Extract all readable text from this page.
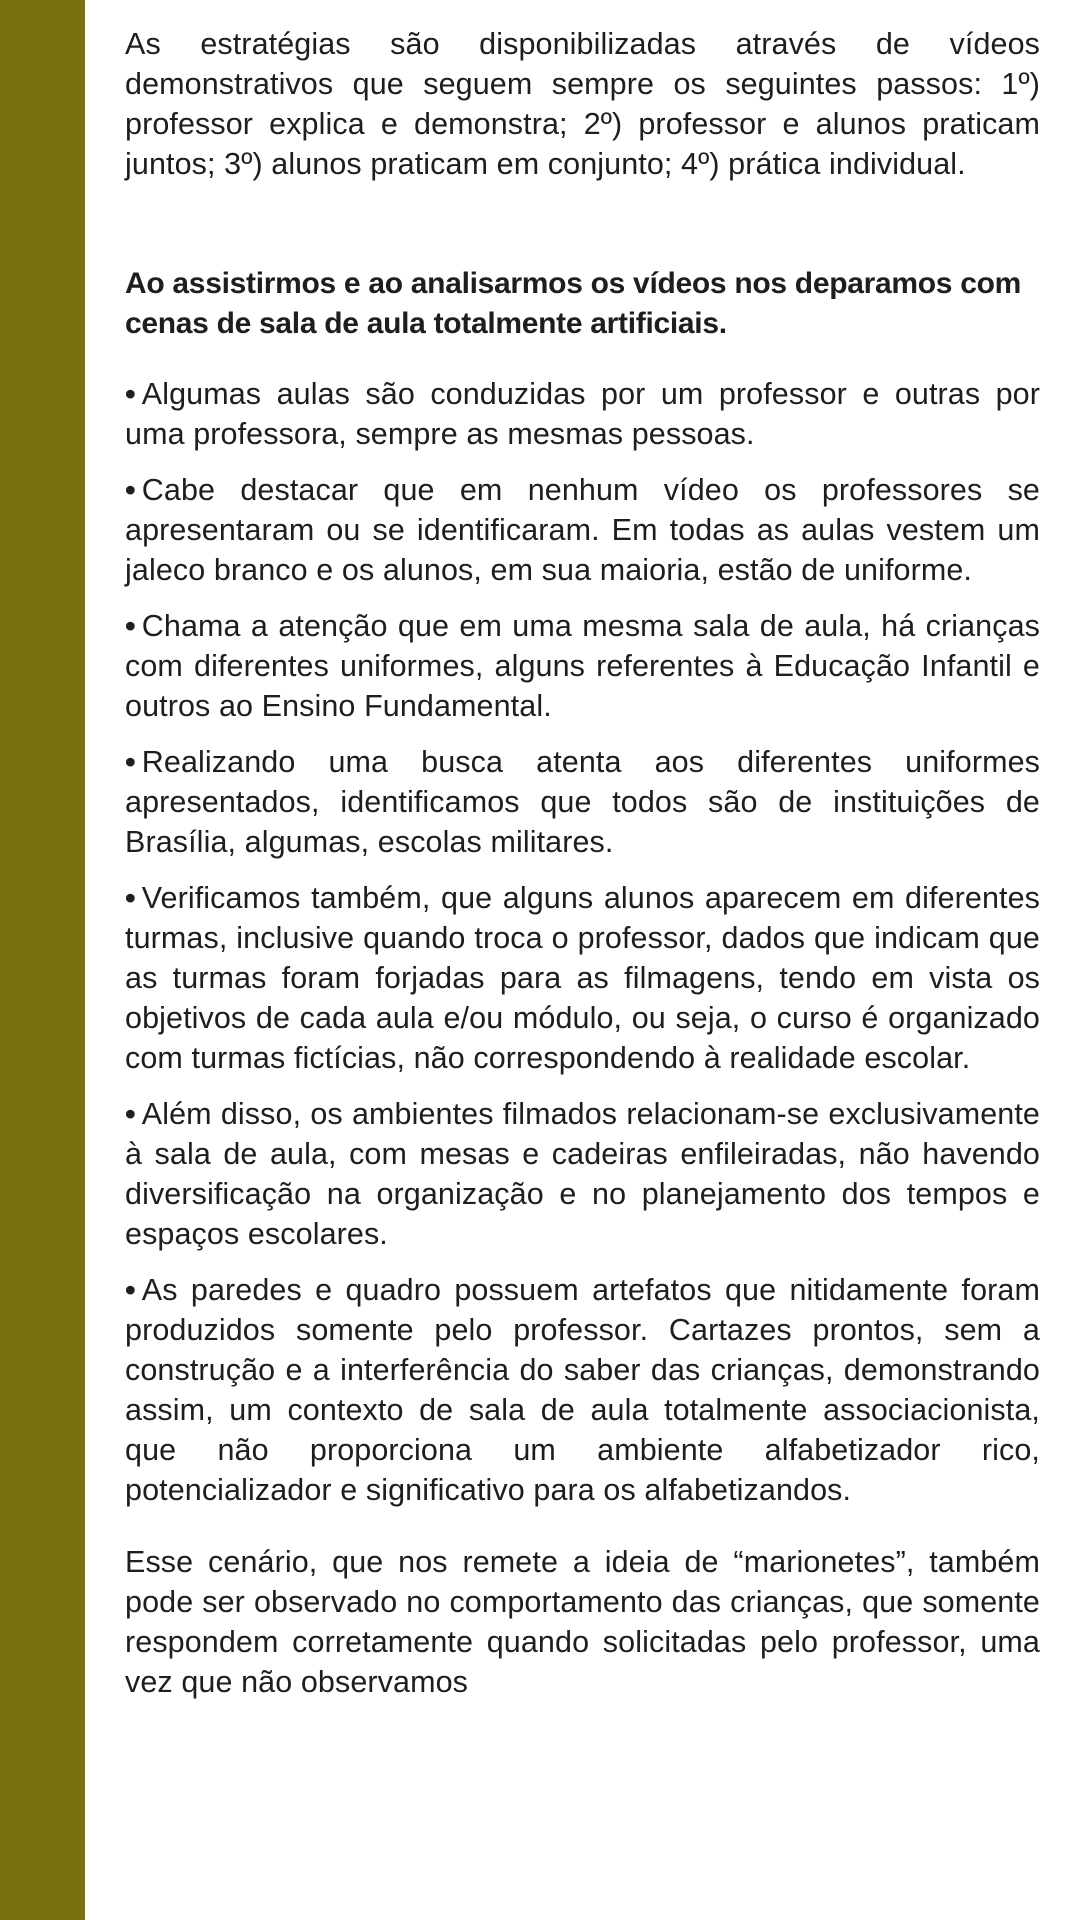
As estratégias são disponibilizadas através de vídeos demonstrativos que seguem sempre os seguintes passos: 1º) professor explica e demonstra; 2º) professor e alunos praticam juntos; 3º) alunos praticam em conjunto; 4º) prática individual.

Ao assistirmos e ao analisarmos os vídeos nos deparamos com cenas de sala de aula totalmente artificiais.

• Algumas aulas são conduzidas por um professor e outras por uma professora, sempre as mesmas pessoas.

• Cabe destacar que em nenhum vídeo os professores se apresentaram ou se identificaram. Em todas as aulas vestem um jaleco branco e os alunos, em sua maioria, estão de uniforme.

• Chama a atenção que em uma mesma sala de aula, há crianças com diferentes uniformes, alguns referentes à Educação Infantil e outros ao Ensino Fundamental.

• Realizando uma busca atenta aos diferentes uniformes apresentados, identificamos que todos são de instituições de Brasília, algumas, escolas militares.

• Verificamos também, que alguns alunos aparecem em diferentes turmas, inclusive quando troca o professor, dados que indicam que as turmas foram forjadas para as filmagens, tendo em vista os objetivos de cada aula e/ou módulo, ou seja, o curso é organizado com turmas fictícias, não correspondendo à realidade escolar.

• Além disso, os ambientes filmados relacionam-se exclusivamente à sala de aula, com mesas e cadeiras enfileiradas, não havendo diversificação na organização e no planejamento dos tempos e espaços escolares.

• As paredes e quadro possuem artefatos que nitidamente foram produzidos somente pelo professor. Cartazes prontos, sem a construção e a interferência do saber das crianças, demonstrando assim, um contexto de sala de aula totalmente associacionista, que não proporciona um ambiente alfabetizador rico, potencializador e significativo para os alfabetizandos.

Esse cenário, que nos remete a ideia de “marionetes”, também pode ser observado no comportamento das crianças, que somente respondem corretamente quando solicitadas pelo professor, uma vez que não observamos
